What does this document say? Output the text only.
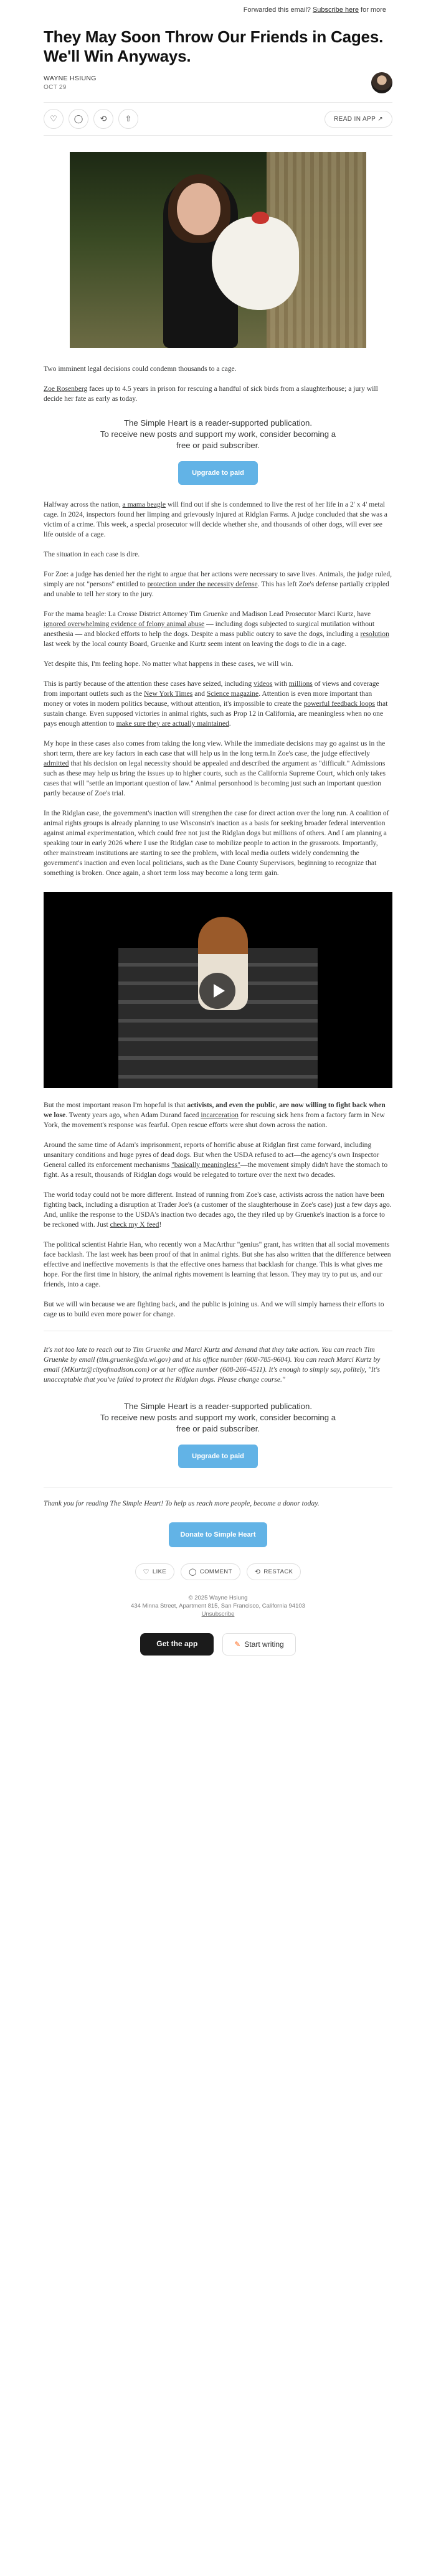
Forwarded this email? Subscribe here for more
They May Soon Throw Our Friends in Cages. We'll Win Anyways.
WAYNE HSIUNG
OCT 29
♡ ◯ ⟲ ⇧	READ IN APP ↗

Two imminent legal decisions could condemn thousands to a cage.

Zoe Rosenberg faces up to 4.5 years in prison for rescuing a handful of sick birds from a slaughterhouse; a jury will decide her fate as early as today.

The Simple Heart is a reader-supported publication.
To receive new posts and support my work, consider becoming a free or paid subscriber.
Upgrade to paid

Halfway across the nation, a mama beagle will find out if she is condemned to live the rest of her life in a 2' x 4' metal cage. In 2024, inspectors found her limping and grievously injured at Ridglan Farms. A judge concluded that she was a victim of a crime. This week, a special prosecutor will decide whether she, and thousands of other dogs, will ever see life outside of a cage.

The situation in each case is dire.

For Zoe: a judge has denied her the right to argue that her actions were necessary to save lives. Animals, the judge ruled, simply are not "persons" entitled to protection under the necessity defense. This has left Zoe's defense partially crippled and unable to tell her story to the jury.

For the mama beagle: La Crosse District Attorney Tim Gruenke and Madison Lead Prosecutor Marci Kurtz, have ignored overwhelming evidence of felony animal abuse — including dogs subjected to surgical mutilation without anesthesia — and blocked efforts to help the dogs. Despite a mass public outcry to save the dogs, including a resolution last week by the local county Board, Gruenke and Kurtz seem intent on leaving the dogs to die in a cage.

Yet despite this, I'm feeling hope. No matter what happens in these cases, we will win.

This is partly because of the attention these cases have seized, including videos with millions of views and coverage from important outlets such as the New York Times and Science magazine. Attention is even more important than money or votes in modern politics because, without attention, it's impossible to create the powerful feedback loops that sustain change. Even supposed victories in animal rights, such as Prop 12 in California, are meaningless when no one pays enough attention to make sure they are actually maintained.

My hope in these cases also comes from taking the long view. While the immediate decisions may go against us in the short term, there are key factors in each case that will help us in the long term.In Zoe's case, the judge effectively admitted that his decision on legal necessity should be appealed and described the argument as "difficult." Admissions such as these may help us bring the issues up to higher courts, such as the California Supreme Court, which only takes cases that will "settle an important question of law." Animal personhood is becoming just such an important question partly because of Zoe's trial.

In the Ridglan case, the government's inaction will strengthen the case for direct action over the long run. A coalition of animal rights groups is already planning to use Wisconsin's inaction as a basis for seeking broader federal intervention against animal experimentation, which could free not just the Ridglan dogs but millions of others. And I am planning a speaking tour in early 2026 where I use the Ridglan case to mobilize people to action in the grassroots. Importantly, other mainstream institutions are starting to see the problem, with local media outlets widely condemning the government's inaction and even local politicians, such as the Dane County Supervisors, beginning to recognize that something is broken. Once again, a short term loss may become a long term gain.

But the most important reason I'm hopeful is that activists, and even the public, are now willing to fight back when we lose. Twenty years ago, when Adam Durand faced incarceration for rescuing sick hens from a factory farm in New York, the movement's response was fearful. Open rescue efforts were shut down across the nation.

Around the same time of Adam's imprisonment, reports of horrific abuse at Ridglan first came forward, including unsanitary conditions and huge pyres of dead dogs. But when the USDA refused to act—the agency's own Inspector General called its enforcement mechanisms "basically meaningless"—the movement simply didn't have the stomach to fight. As a result, thousands of Ridglan dogs would be relegated to torture over the next two decades.

The world today could not be more different. Instead of running from Zoe's case, activists across the nation have been fighting back, including a disruption at Trader Joe's (a customer of the slaughterhouse in Zoe's case) just a few days ago. And, unlike the response to the USDA's inaction two decades ago, the they riled up by Gruenke's inaction is a force to be reckoned with. Just check my X feed!

The political scientist Hahrie Han, who recently won a MacArthur "genius" grant, has written that all social movements face backlash. The last week has been proof of that in animal rights. But she has also written that the difference between effective and ineffective movements is that the effective ones harness that backlash for change. This is what gives me hope. For the first time in history, the animal rights movement is learning that lesson. They may try to put us, and our friends, into a cage.

But we will win because we are fighting back, and the public is joining us. And we will simply harness their efforts to cage us to build even more power for change.

It's not too late to reach out to Tim Gruenke and Marci Kurtz and demand that they take action. You can reach Tim Gruenke by email (tim.gruenke@da.wi.gov) and at his office number (608-785-9604). You can reach Marci Kurtz by email (MKurtz@cityofmadison.com) or at her office number (608-266-4511). It's enough to simply say, politely, "It's unacceptable that you've failed to protect the Ridglan dogs. Please change course."

The Simple Heart is a reader-supported publication.
To receive new posts and support my work, consider becoming a free or paid subscriber.
Upgrade to paid

Thank you for reading The Simple Heart! To help us reach more people, become a donor today.

Donate to Simple Heart
♡ LIKE	◯ COMMENT	⟲ RESTACK
© 2025 Wayne Hsiung
434 Minna Street, Apartment 815, San Francisco, California 94103
Unsubscribe
Get the app	✎ Start writing
